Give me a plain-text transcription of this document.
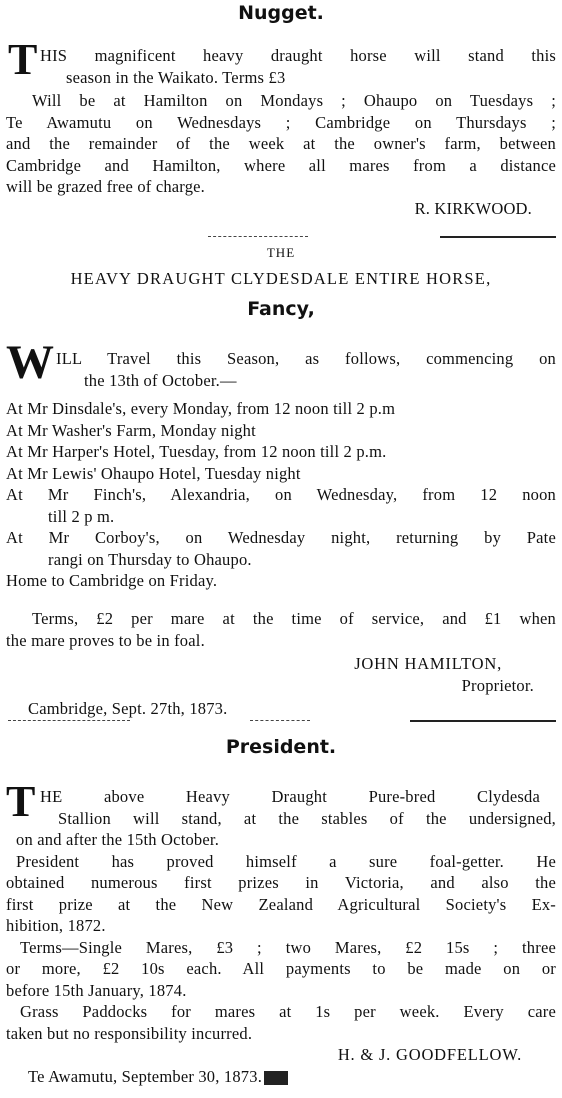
Nugget.
T HIS magnificent heavy draught horse will stand this
season in the Waikato. Terms £3
Will be at Hamilton on Mondays ; Ohaupo on Tuesdays ;
Te Awamutu on Wednesdays ; Cambridge on Thursdays ;
and the remainder of the week at the owner's farm, between
Cambridge and Hamilton, where all mares from a distance
will be grazed free of charge.
R. KIRKWOOD.
THE
HEAVY DRAUGHT CLYDESDALE ENTIRE HORSE,
Fancy,
W ILL Travel this Season, as follows, commencing on
the 13th of October.—
At Mr Dinsdale's, every Monday, from 12 noon till 2 p.m
At Mr Washer's Farm, Monday night
At Mr Harper's Hotel, Tuesday, from 12 noon till 2 p.m.
At Mr Lewis' Ohaupo Hotel, Tuesday night
At Mr Finch's, Alexandria, on Wednesday, from 12 noon
till 2 p m.
At Mr Corboy's, on Wednesday night, returning by Pate
rangi on Thursday to Ohaupo.
Home to Cambridge on Friday.
Terms, £2 per mare at the time of service, and £1 when
the mare proves to be in foal.
JOHN HAMILTON,
Proprietor.
Cambridge, Sept. 27th, 1873.
President.
T HE above Heavy Draught Pure-bred Clydesda
Stallion will stand, at the stables of the undersigned,
on and after the 15th October.
President has proved himself a sure foal-getter. He
obtained numerous first prizes in Victoria, and also the
first prize at the New Zealand Agricultural Society's Ex-
hibition, 1872.
Terms—Single Mares, £3 ; two Mares, £2 15s ; three
or more, £2 10s each. All payments to be made on or
before 15th January, 1874.
Grass Paddocks for mares at 1s per week. Every care
taken but no responsibility incurred.
H. & J. GOODFELLOW.
Te Awamutu, September 30, 1873.
